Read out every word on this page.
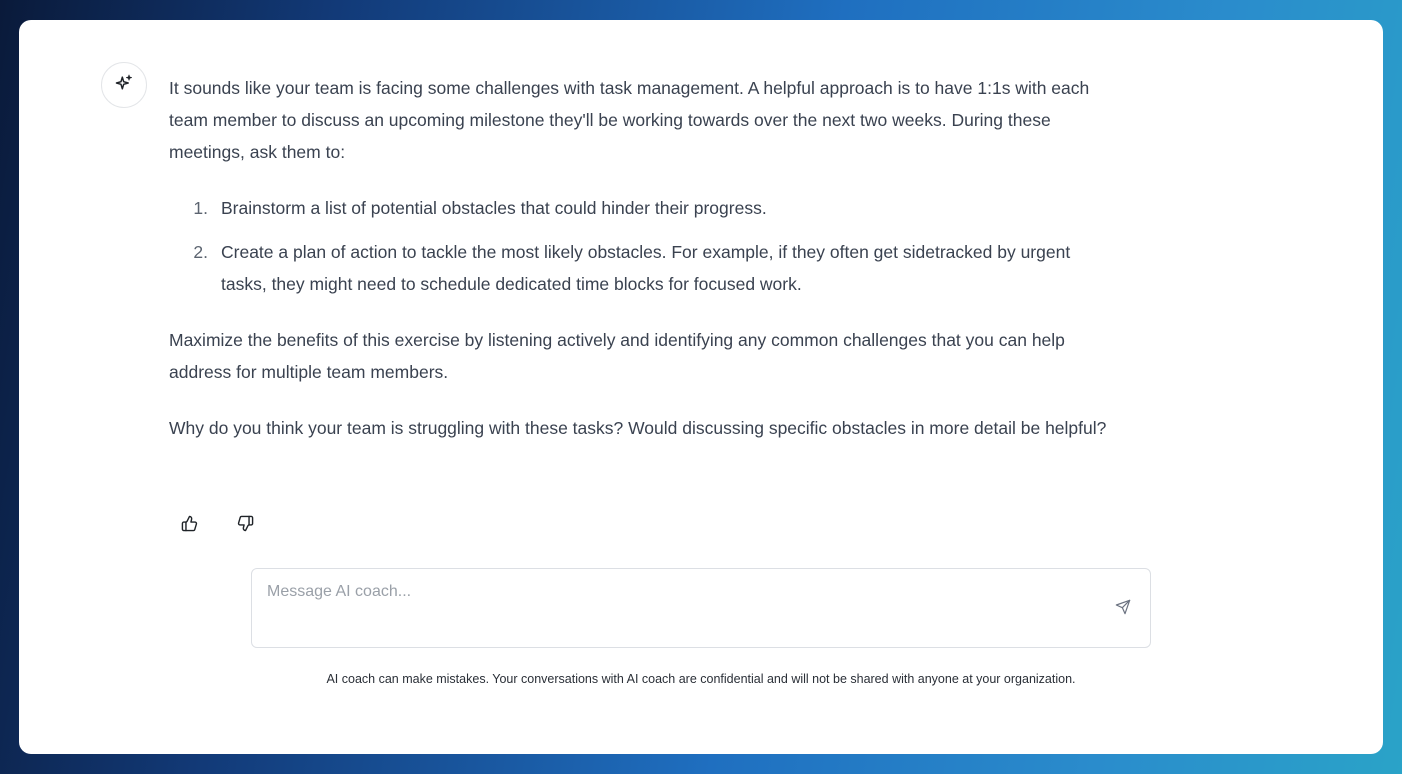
It sounds like your team is facing some challenges with task management. A helpful approach is to have 1:1s with each team member to discuss an upcoming milestone they'll be working towards over the next two weeks. During these meetings, ask them to:

1. Brainstorm a list of potential obstacles that could hinder their progress.
2. Create a plan of action to tackle the most likely obstacles. For example, if they often get sidetracked by urgent tasks, they might need to schedule dedicated time blocks for focused work.

Maximize the benefits of this exercise by listening actively and identifying any common challenges that you can help address for multiple team members.

Why do you think your team is struggling with these tasks? Would discussing specific obstacles in more detail be helpful?

Message AI coach...
AI coach can make mistakes. Your conversations with AI coach are confidential and will not be shared with anyone at your organization.
